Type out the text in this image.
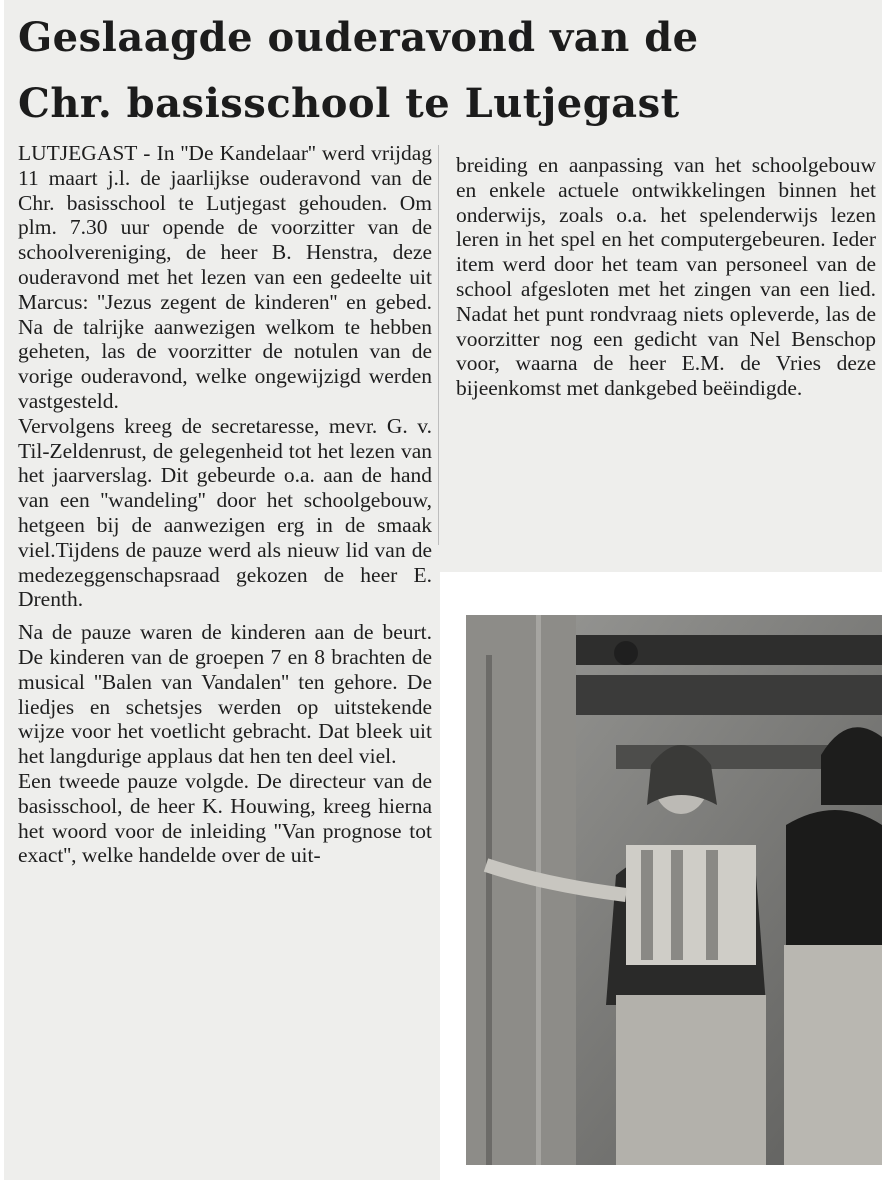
Geslaagde ouderavond van de
Chr. basisschool te Lutjegast

LUTJEGAST - In ''De Kandelaar'' werd vrijdag 11 maart j.l. de jaarlijkse ouderavond van de Chr. basisschool te Lutjegast gehouden. Om plm. 7.30 uur opende de voorzitter van de schoolvereniging, de heer B. Henstra, deze ouderavond met het lezen van een gedeelte uit Marcus: ''Jezus zegent de kinderen'' en gebed. Na de talrijke aanwezigen welkom te hebben geheten, las de voorzitter de notulen van de vorige ouderavond, welke ongewijzigd werden vastgesteld.

Vervolgens kreeg de secretaresse, mevr. G. v. Til-Zeldenrust, de gelegenheid tot het lezen van het jaarverslag. Dit gebeurde o.a. aan de hand van een ''wandeling'' door het schoolgebouw, hetgeen bij de aanwezigen erg in de smaak viel.Tijdens de pauze werd als nieuw lid van de medezeggenschapsraad gekozen de heer E. Drenth.

Na de pauze waren de kinderen aan de beurt. De kinderen van de groepen 7 en 8 brachten de musical ''Balen van Vandalen'' ten gehore. De liedjes en schetsjes werden op uitstekende wijze voor het voetlicht gebracht. Dat bleek uit het langdurige applaus dat hen ten deel viel.

Een tweede pauze volgde. De directeur van de basisschool, de heer K. Houwing, kreeg hierna het woord voor de inleiding ''Van prognose tot exact'', welke handelde over de uit-

breiding en aanpassing van het schoolgebouw en enkele actuele ontwikkelingen binnen het onderwijs, zoals o.a. het spelenderwijs lezen leren in het spel en het computergebeuren. Ieder item werd door het team van personeel van de school afgesloten met het zingen van een lied. Nadat het punt rondvraag niets opleverde, las de voorzitter nog een gedicht van Nel Benschop voor, waarna de heer E.M. de Vries deze bijeenkomst met dankgebed beëindigde.
